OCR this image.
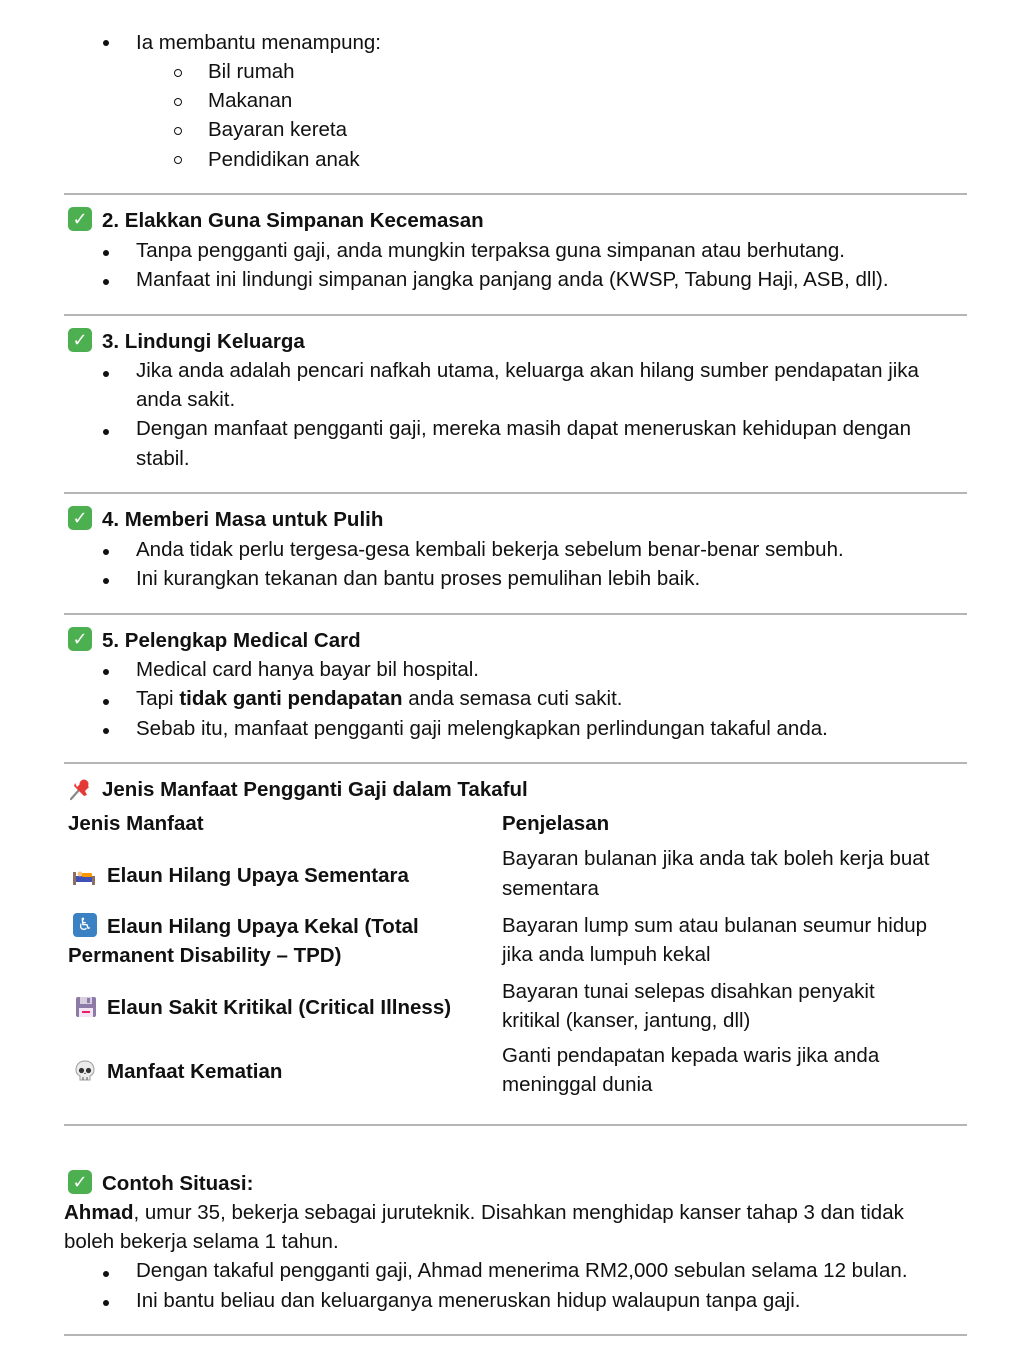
Ia membantu menampung:
Bil rumah
Makanan
Bayaran kereta
Pendidikan anak
✓ 2. Elakkan Guna Simpanan Kecemasan
Tanpa pengganti gaji, anda mungkin terpaksa guna simpanan atau berhutang.
Manfaat ini lindungi simpanan jangka panjang anda (KWSP, Tabung Haji, ASB, dll).
✓ 3. Lindungi Keluarga
Jika anda adalah pencari nafkah utama, keluarga akan hilang sumber pendapatan jika
anda sakit.
Dengan manfaat pengganti gaji, mereka masih dapat meneruskan kehidupan dengan
stabil.
✓ 4. Memberi Masa untuk Pulih
Anda tidak perlu tergesa-gesa kembali bekerja sebelum benar-benar sembuh.
Ini kurangkan tekanan dan bantu proses pemulihan lebih baik.
✓ 5. Pelengkap Medical Card
Medical card hanya bayar bil hospital.
Tapi tidak ganti pendapatan anda semasa cuti sakit.
Sebab itu, manfaat pengganti gaji melengkapkan perlindungan takaful anda.
Jenis Manfaat Pengganti Gaji dalam Takaful
Jenis Manfaat	Penjelasan
Elaun Hilang Upaya Sementara
Bayaran bulanan jika anda tak boleh kerja buat
sementara
♿ Elaun Hilang Upaya Kekal (Total
Permanent Disability – TPD)
Bayaran lump sum atau bulanan seumur hidup
jika anda lumpuh kekal
Elaun Sakit Kritikal (Critical Illness)
Bayaran tunai selepas disahkan penyakit
kritikal (kanser, jantung, dll)
Manfaat Kematian
Ganti pendapatan kepada waris jika anda
meninggal dunia
✓ Contoh Situasi:
Ahmad, umur 35, bekerja sebagai juruteknik. Disahkan menghidap kanser tahap 3 dan tidak
boleh bekerja selama 1 tahun.
Dengan takaful pengganti gaji, Ahmad menerima RM2,000 sebulan selama 12 bulan.
Ini bantu beliau dan keluarganya meneruskan hidup walaupun tanpa gaji.
